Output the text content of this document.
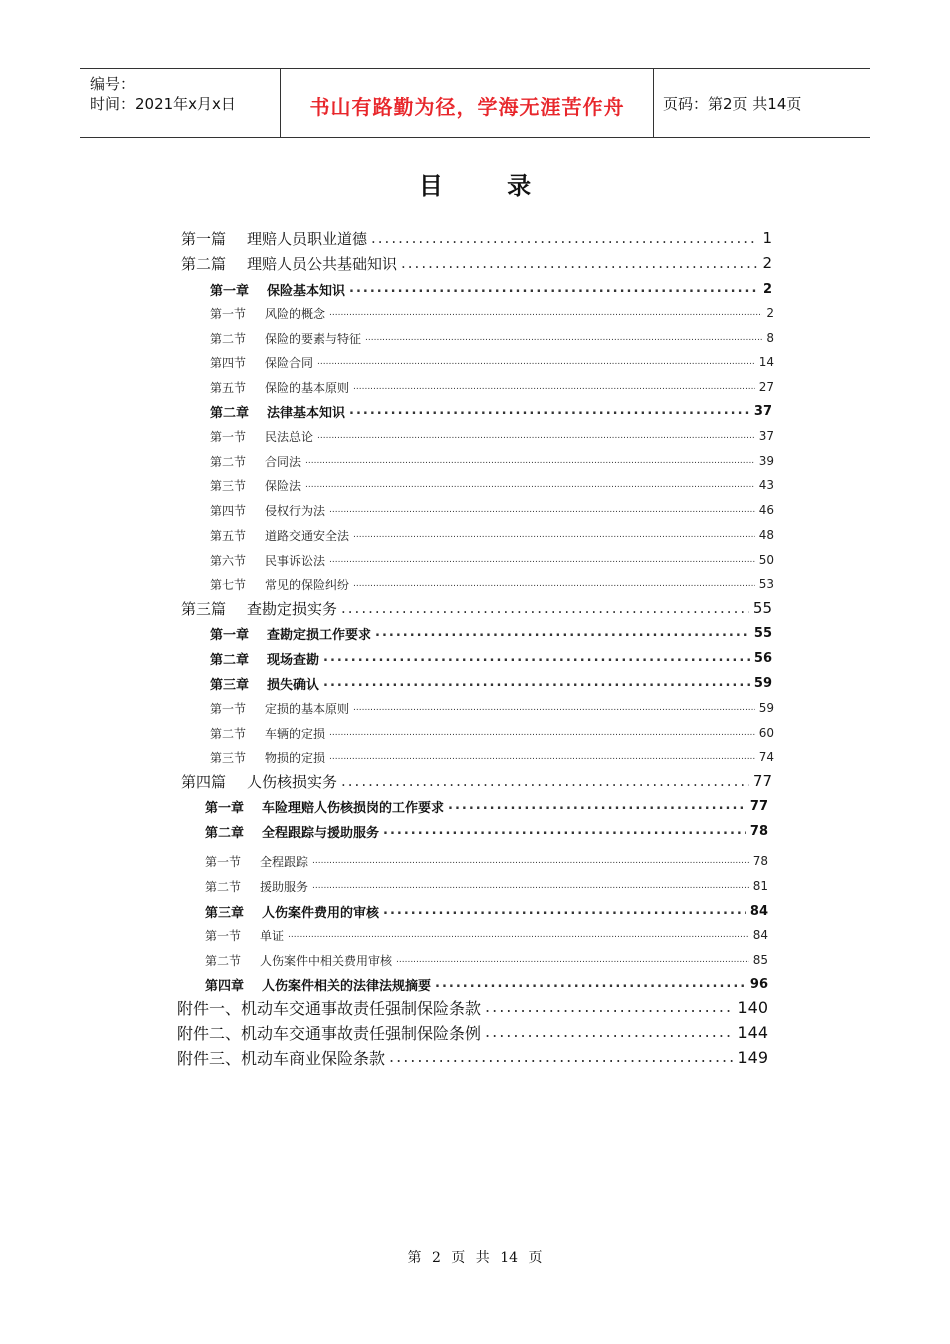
编号：
时间：2021年x月x日	书山有路勤为径，学海无涯苦作舟	页码：第2页 共14页
目 录
第一篇	理赔人员职业道德 .....	1
第二篇	理赔人员公共基础知识 .....	2
第一章	保险基本知识 .....	2
第一节	风险的概念 .....	2
第二节	保险的要素与特征 .....	8
第四节	保险合同 .....	14
第五节	保险的基本原则 .....	27
第二章	法律基本知识 .....	37
第一节	民法总论 .....	37
第二节	合同法 .....	39
第三节	保险法 .....	43
第四节	侵权行为法 .....	46
第五节	道路交通安全法 .....	48
第六节	民事诉讼法 .....	50
第七节	常见的保险纠纷 .....	53
第三篇	查勘定损实务 .....	55
第一章	查勘定损工作要求 .....	55
第二章	现场查勘 .....	56
第三章	损失确认 .....	59
第一节	定损的基本原则 .....	59
第二节	车辆的定损 .....	60
第三节	物损的定损 .....	74
第四篇	人伤核损实务 .....	77
第一章	车险理赔人伤核损岗的工作要求 .....	77
第二章	全程跟踪与援助服务 .....	78
第一节	全程跟踪 .....	78
第二节	援助服务 .....	81
第三章	人伤案件费用的审核 .....	84
第一节	单证 .....	84
第二节	人伤案件中相关费用审核 .....	85
第四章	人伤案件相关的法律法规摘要 .....	96
附件一、机动车交通事故责任强制保险条款 .....	140
附件二、机动车交通事故责任强制保险条例 .....	144
附件三、机动车商业保险条款 .....	149
第 2 页 共 14 页
